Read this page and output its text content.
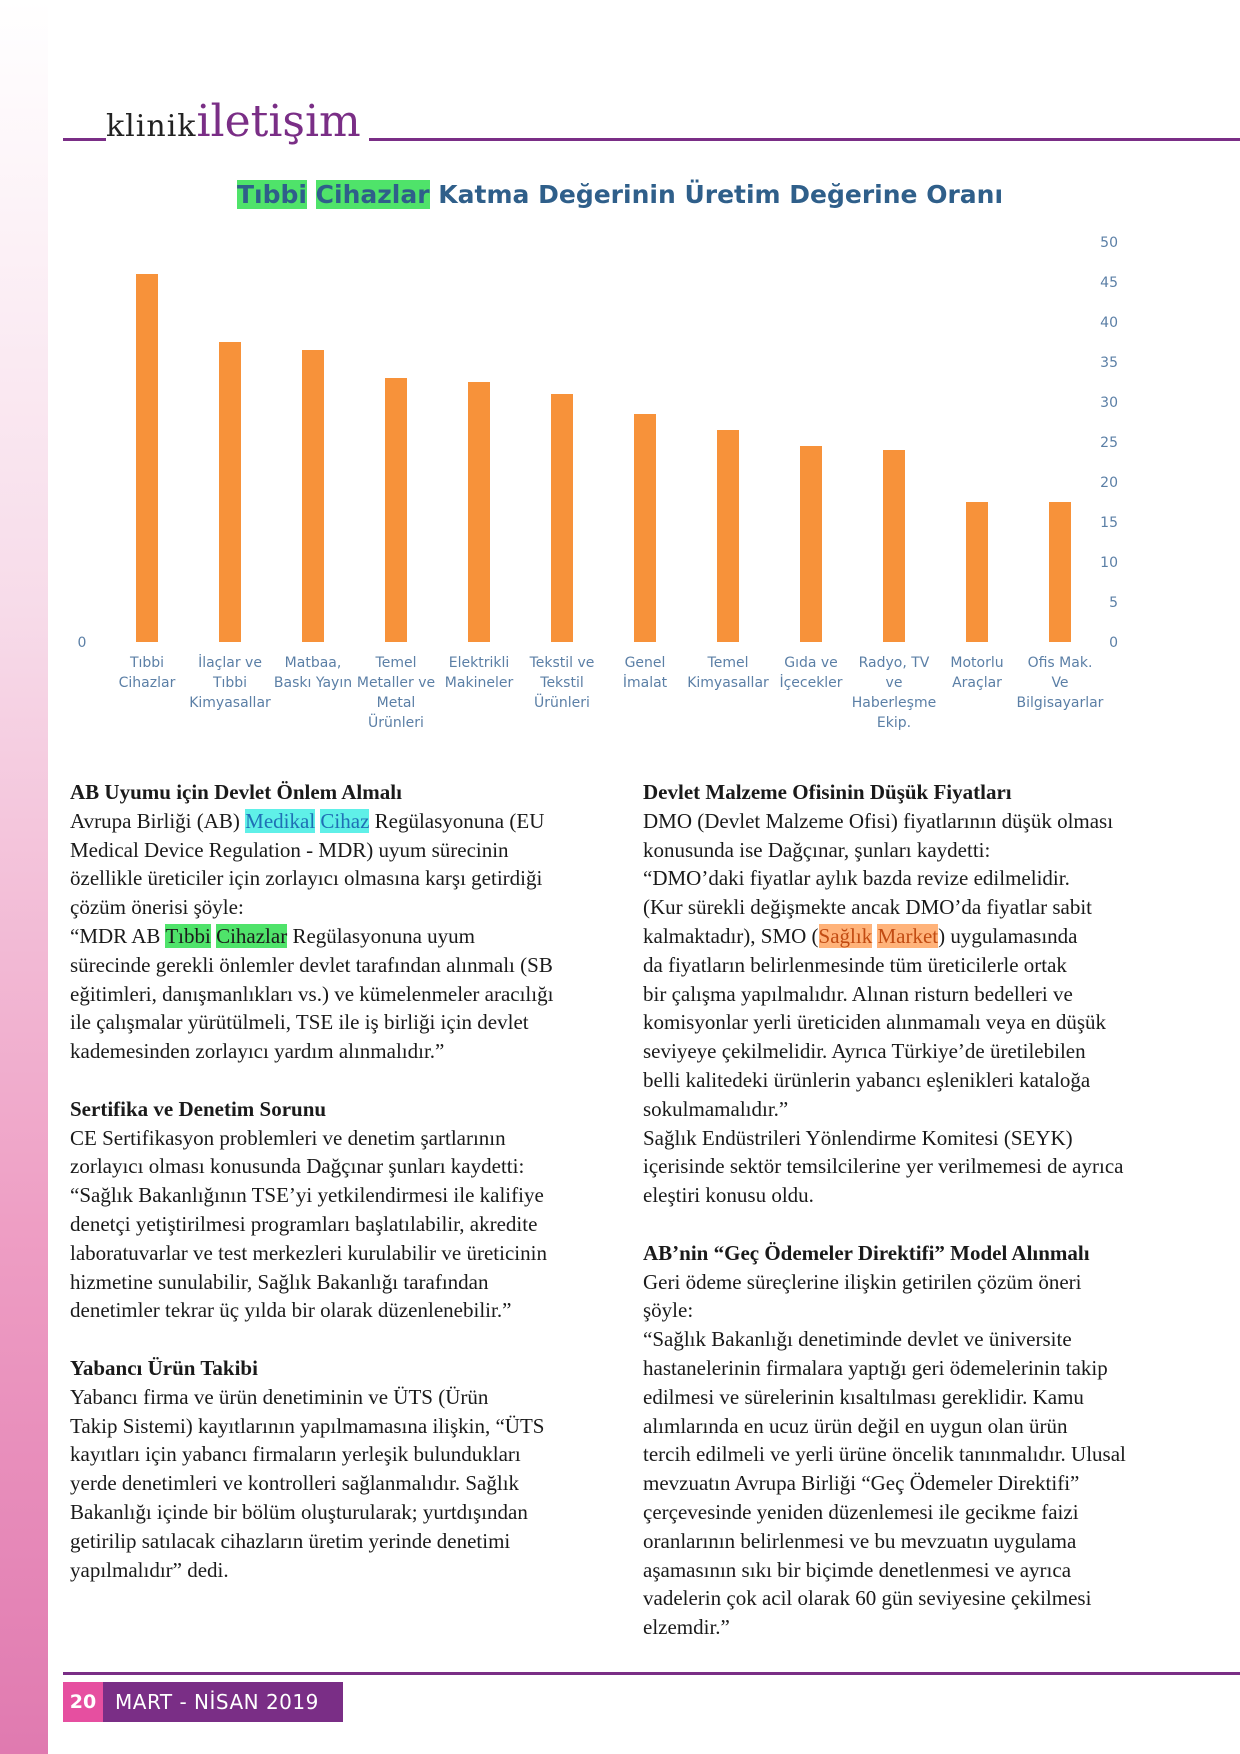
klinikiletişim
Tıbbi Cihazlar Katma Değerinin Üretim Değerine Oranı
0	0
5
10
15
20
25
30
35
40
45
50
Tıbbi
Cihazlar
İlaçlar ve
Tıbbi
Kimyasallar
Matbaa,
Baskı Yayın
Temel
Metaller ve
Metal
Ürünleri
Elektrikli
Makineler
Tekstil ve
Tekstil
Ürünleri
Genel
İmalat
Temel
Kimyasallar
Gıda ve
İçecekler
Radyo, TV
ve
Haberleşme
Ekip.
Motorlu
Araçlar
Ofis Mak.
Ve
Bilgisayarlar
AB Uyumu için Devlet Önlem Almalı

Avrupa Birliği (AB) Medikal Cihaz Regülasyonuna (EU

Medical Device Regulation - MDR) uyum sürecinin

özellikle üreticiler için zorlayıcı olmasına karşı getirdiği

çözüm önerisi şöyle:

“MDR AB Tıbbi Cihazlar Regülasyonuna uyum

sürecinde gerekli önlemler devlet tarafından alınmalı (SB

eğitimleri, danışmanlıkları vs.) ve kümelenmeler aracılığı

ile çalışmalar yürütülmeli, TSE ile iş birliği için devlet

kademesinden zorlayıcı yardım alınmalıdır.”

Sertifika ve Denetim Sorunu

CE Sertifikasyon problemleri ve denetim şartlarının

zorlayıcı olması konusunda Dağçınar şunları kaydetti:

“Sağlık Bakanlığının TSE’yi yetkilendirmesi ile kalifiye

denetçi yetiştirilmesi programları başlatılabilir, akredite

laboratuvarlar ve test merkezleri kurulabilir ve üreticinin

hizmetine sunulabilir, Sağlık Bakanlığı tarafından

denetimler tekrar üç yılda bir olarak düzenlenebilir.”

Yabancı Ürün Takibi

Yabancı firma ve ürün denetiminin ve ÜTS (Ürün

Takip Sistemi) kayıtlarının yapılmamasına ilişkin, “ÜTS

kayıtları için yabancı firmaların yerleşik bulundukları

yerde denetimleri ve kontrolleri sağlanmalıdır. Sağlık

Bakanlığı içinde bir bölüm oluşturularak; yurtdışından

getirilip satılacak cihazların üretim yerinde denetimi

yapılmalıdır” dedi.

Devlet Malzeme Ofisinin Düşük Fiyatları

DMO (Devlet Malzeme Ofisi) fiyatlarının düşük olması

konusunda ise Dağçınar, şunları kaydetti:

“DMO’daki fiyatlar aylık bazda revize edilmelidir.

(Kur sürekli değişmekte ancak DMO’da fiyatlar sabit

kalmaktadır), SMO (Sağlık Market) uygulamasında

da fiyatların belirlenmesinde tüm üreticilerle ortak

bir çalışma yapılmalıdır. Alınan risturn bedelleri ve

komisyonlar yerli üreticiden alınmamalı veya en düşük

seviyeye çekilmelidir. Ayrıca Türkiye’de üretilebilen

belli kalitedeki ürünlerin yabancı eşlenikleri kataloğa

sokulmamalıdır.”

Sağlık Endüstrileri Yönlendirme Komitesi (SEYK)

içerisinde sektör temsilcilerine yer verilmemesi de ayrıca

eleştiri konusu oldu.

AB’nin “Geç Ödemeler Direktifi” Model Alınmalı

Geri ödeme süreçlerine ilişkin getirilen çözüm öneri

şöyle:

“Sağlık Bakanlığı denetiminde devlet ve üniversite

hastanelerinin firmalara yaptığı geri ödemelerinin takip

edilmesi ve sürelerinin kısaltılması gereklidir. Kamu

alımlarında en ucuz ürün değil en uygun olan ürün

tercih edilmeli ve yerli ürüne öncelik tanınmalıdır. Ulusal

mevzuatın Avrupa Birliği “Geç Ödemeler Direktifi”

çerçevesinde yeniden düzenlemesi ile gecikme faizi

oranlarının belirlenmesi ve bu mevzuatın uygulama

aşamasının sıkı bir biçimde denetlenmesi ve ayrıca

vadelerin çok acil olarak 60 gün seviyesine çekilmesi

elzemdir.”

20 MART - NİSAN 2019
